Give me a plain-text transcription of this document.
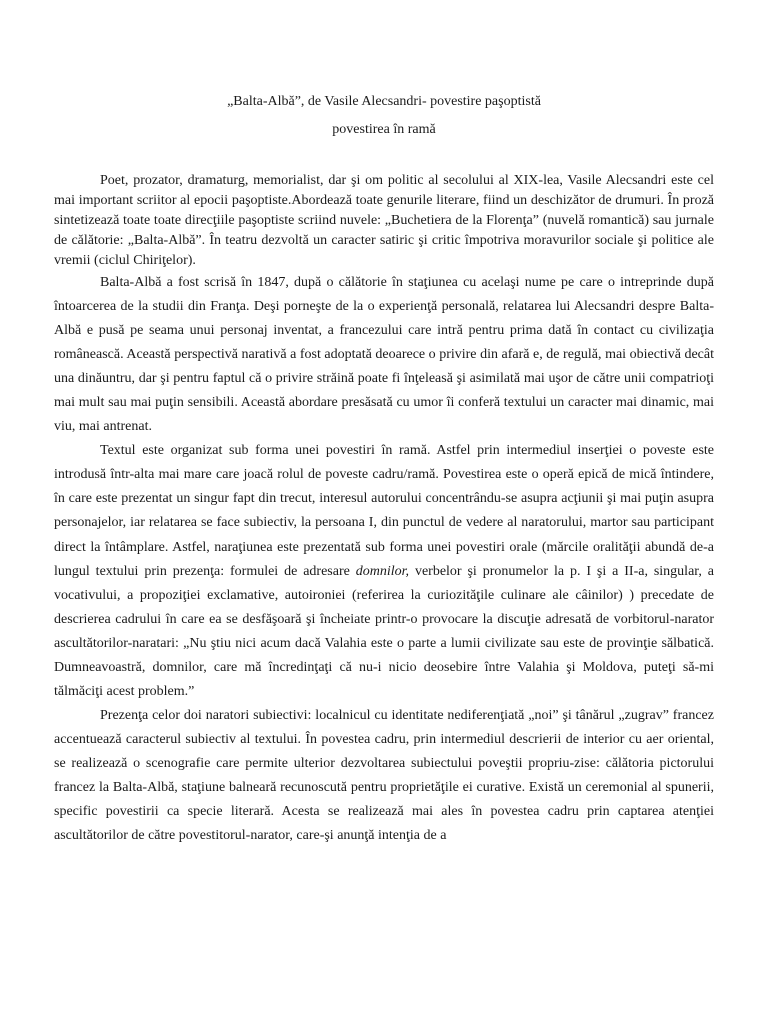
„Balta-Albă”, de Vasile Alecsandri- povestire paşoptistă
povestirea în ramă

Poet, prozator, dramaturg, memorialist, dar şi om politic al secolului al XIX-lea, Vasile Alecsandri este cel mai important scriitor al epocii paşoptiste.Abordează toate genurile literare, fiind un deschizător de drumuri. În proză sintetizează toate toate direcţiile paşoptiste scriind nuvele: „Buchetiera de la Florenţa” (nuvelă romantică) sau jurnale de călătorie: „Balta-Albă”. În teatru dezvoltă un caracter satiric şi critic împotriva moravurilor sociale şi politice ale vremii (ciclul Chiriţelor).

Balta-Albă a fost scrisă în 1847, după o călătorie în staţiunea cu acelaşi nume pe care o intreprinde după întoarcerea de la studii din Franţa. Deşi porneşte de la o experienţă personală, relatarea lui Alecsandri despre Balta-Albă e pusă pe seama unui personaj inventat, a francezului care intră pentru prima dată în contact cu civilizaţia românească. Această perspectivă narativă a fost adoptată deoarece o privire din afară e, de regulă, mai obiectivă decât una dinăuntru, dar şi pentru faptul că o privire străină poate fi înţeleasă şi asimilată mai uşor de către unii compatrioţi mai mult sau mai puţin sensibili. Această abordare presăsată cu umor îi conferă textului un caracter mai dinamic, mai viu, mai antrenat.

Textul este organizat sub forma unei povestiri în ramă. Astfel prin intermediul inserţiei o poveste este introdusă într-alta mai mare care joacă rolul de poveste cadru/ramă. Povestirea este o operă epică de mică întindere, în care este prezentat un singur fapt din trecut, interesul autorului concentrându-se asupra acţiunii şi mai puţin asupra personajelor, iar relatarea se face subiectiv, la persoana I, din punctul de vedere al naratorului, martor sau participant direct la întâmplare. Astfel, naraţiunea este prezentată sub forma unei povestiri orale (mărcile oralităţii abundă de-a lungul textului prin prezenţa: formulei de adresare domnilor, verbelor şi pronumelor la p. I şi a II-a, singular, a vocativului, a propoziţiei exclamative, autoironiei (referirea la curiozităţile culinare ale câinilor) ) precedate de descrierea cadrului în care ea se desfăşoară şi încheiate printr-o provocare la discuţie adresată de vorbitorul-narator ascultătorilor-naratari: „Nu ştiu nici acum dacă Valahia este o parte a lumii civilizate sau este de provinţie sălbatică. Dumneavoastră, domnilor, care mă încredinţaţi că nu-i nicio deosebire între Valahia şi Moldova, puteţi să-mi tălmăciţi acest problem.”

Prezenţa celor doi naratori subiectivi: localnicul cu identitate nediferenţiată „noi” şi tânărul „zugrav” francez accentuează caracterul subiectiv al textului. În povestea cadru, prin intermediul descrierii de interior cu aer oriental, se realizează o scenografie care permite ulterior dezvoltarea subiectului poveştii propriu-zise: călătoria pictorului francez la Balta-Albă, staţiune balneară recunoscută pentru proprietăţile ei curative. Există un ceremonial al spunerii, specific povestirii ca specie literară. Acesta se realizează mai ales în povestea cadru prin captarea atenţiei ascultătorilor de către povestitorul-narator, care-şi anunţă intenţia de a
